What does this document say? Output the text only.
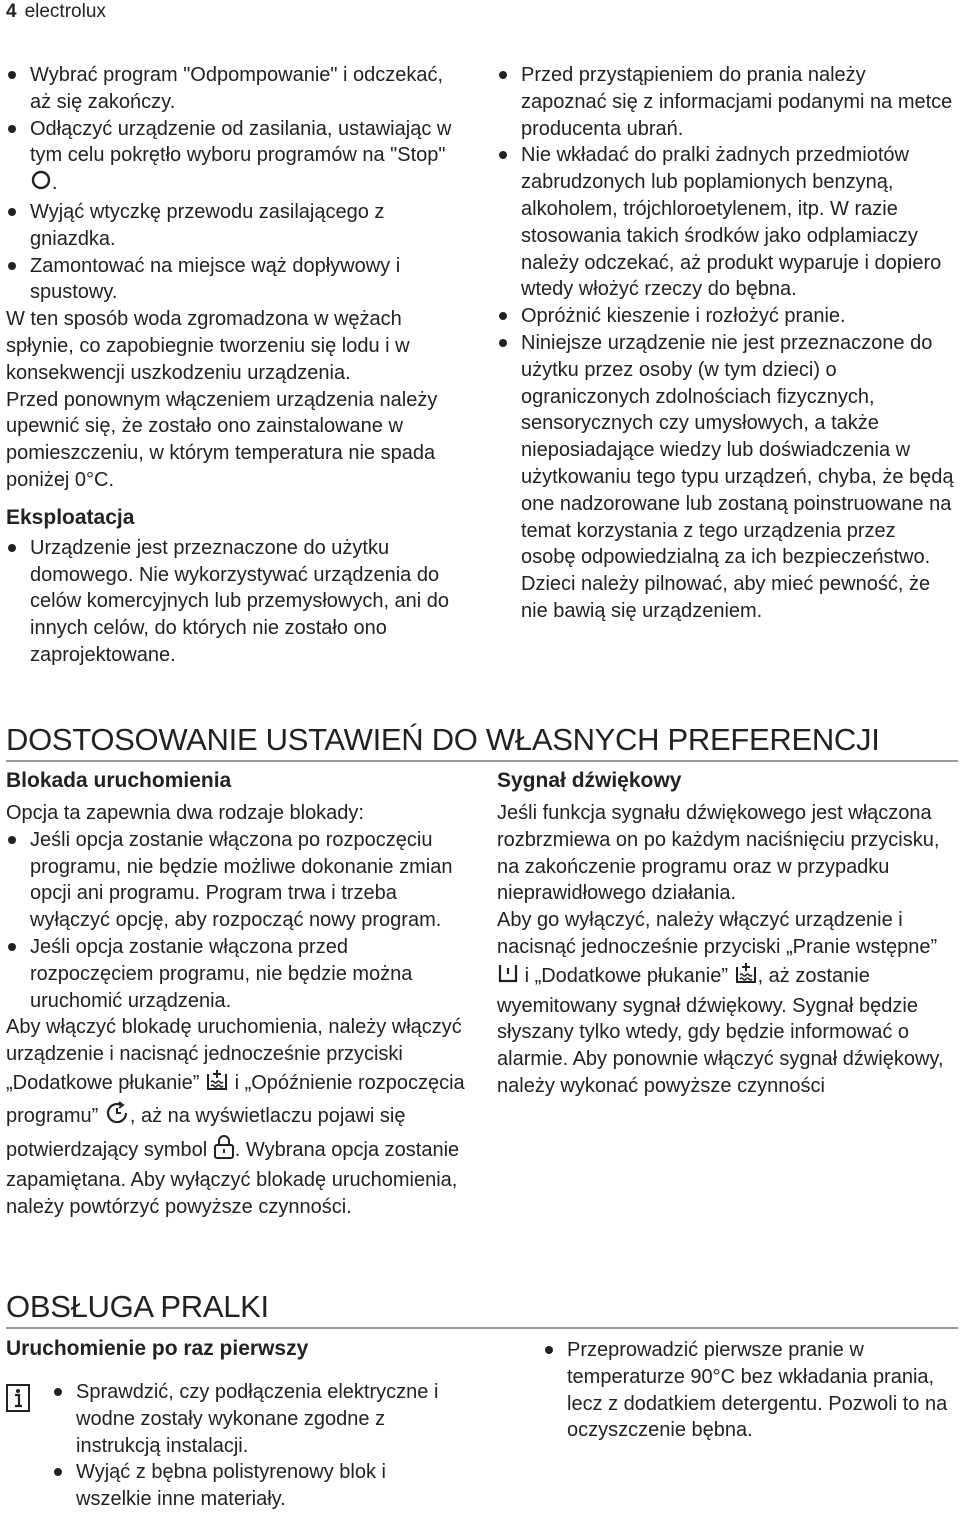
4 electrolux
Wybrać program "Odpompowanie" i odczekać, aż się zakończy.
Odłączyć urządzenie od zasilania, ustawiając w tym celu pokrętło wyboru programów na "Stop" .
Wyjąć wtyczkę przewodu zasilającego z gniazdka.
Zamontować na miejsce wąż dopływowy i spustowy.
W ten sposób woda zgromadzona w wężach spłynie, co zapobiegnie tworzeniu się lodu i w konsekwencji uszkodzeniu urządzenia.
Przed ponownym włączeniem urządzenia należy upewnić się, że zostało ono zainstalowane w pomieszczeniu, w którym temperatura nie spada poniżej 0°C.
Eksploatacja
Urządzenie jest przeznaczone do użytku domowego. Nie wykorzystywać urządzenia do celów komercyjnych lub przemysłowych, ani do innych celów, do których nie zostało ono zaprojektowane.
Przed przystąpieniem do prania należy zapoznać się z informacjami podanymi na metce producenta ubrań.
Nie wkładać do pralki żadnych przedmiotów zabrudzonych lub poplamionych benzyną, alkoholem, trójchloroetylenem, itp. W razie stosowania takich środków jako odplamiaczy należy odczekać, aż produkt wyparuje i dopiero wtedy włożyć rzeczy do bębna.
Opróżnić kieszenie i rozłożyć pranie.
Niniejsze urządzenie nie jest przeznaczone do użytku przez osoby (w tym dzieci) o ograniczonych zdolnościach fizycznych, sensorycznych czy umysłowych, a także nieposiadające wiedzy lub doświadczenia w użytkowaniu tego typu urządzeń, chyba, że będą one nadzorowane lub zostaną poinstruowane na temat korzystania z tego urządzenia przez osobę odpowiedzialną za ich bezpieczeństwo. Dzieci należy pilnować, aby mieć pewność, że nie bawią się urządzeniem.
DOSTOSOWANIE USTAWIEŃ DO WŁASNYCH PREFERENCJI
Blokada uruchomienia
Opcja ta zapewnia dwa rodzaje blokady:
Jeśli opcja zostanie włączona po rozpoczęciu programu, nie będzie możliwe dokonanie zmian opcji ani programu. Program trwa i trzeba wyłączyć opcję, aby rozpocząć nowy program.
Jeśli opcja zostanie włączona przed rozpoczęciem programu, nie będzie można uruchomić urządzenia.
Aby włączyć blokadę uruchomienia, należy włączyć urządzenie i nacisnąć jednocześnie przyciski „Dodatkowe płukanie” i „Opóźnienie rozpoczęcia programu” , aż na wyświetlaczu pojawi się potwierdzający symbol . Wybrana opcja zostanie zapamiętana. Aby wyłączyć blokadę uruchomienia, należy powtórzyć powyższe czynności.
Sygnał dźwiękowy
Jeśli funkcja sygnału dźwiękowego jest włączona rozbrzmiewa on po każdym naciśnięciu przycisku, na zakończenie programu oraz w przypadku nieprawidłowego działania.
Aby go wyłączyć, należy włączyć urządzenie i nacisnąć jednocześnie przyciski „Pranie wstępne”  i „Dodatkowe płukanie” , aż zostanie wyemitowany sygnał dźwiękowy. Sygnał będzie słyszany tylko wtedy, gdy będzie informować o alarmie. Aby ponownie włączyć sygnał dźwiękowy, należy wykonać powyższe czynności
OBSŁUGA PRALKI
Uruchomienie po raz pierwszy
Sprawdzić, czy podłączenia elektryczne i wodne zostały wykonane zgodne z instrukcją instalacji.
Wyjąć z bębna polistyrenowy blok i wszelkie inne materiały.
Przeprowadzić pierwsze pranie w temperaturze 90°C bez wkładania prania, lecz z dodatkiem detergentu. Pozwoli to na oczyszczenie bębna.
